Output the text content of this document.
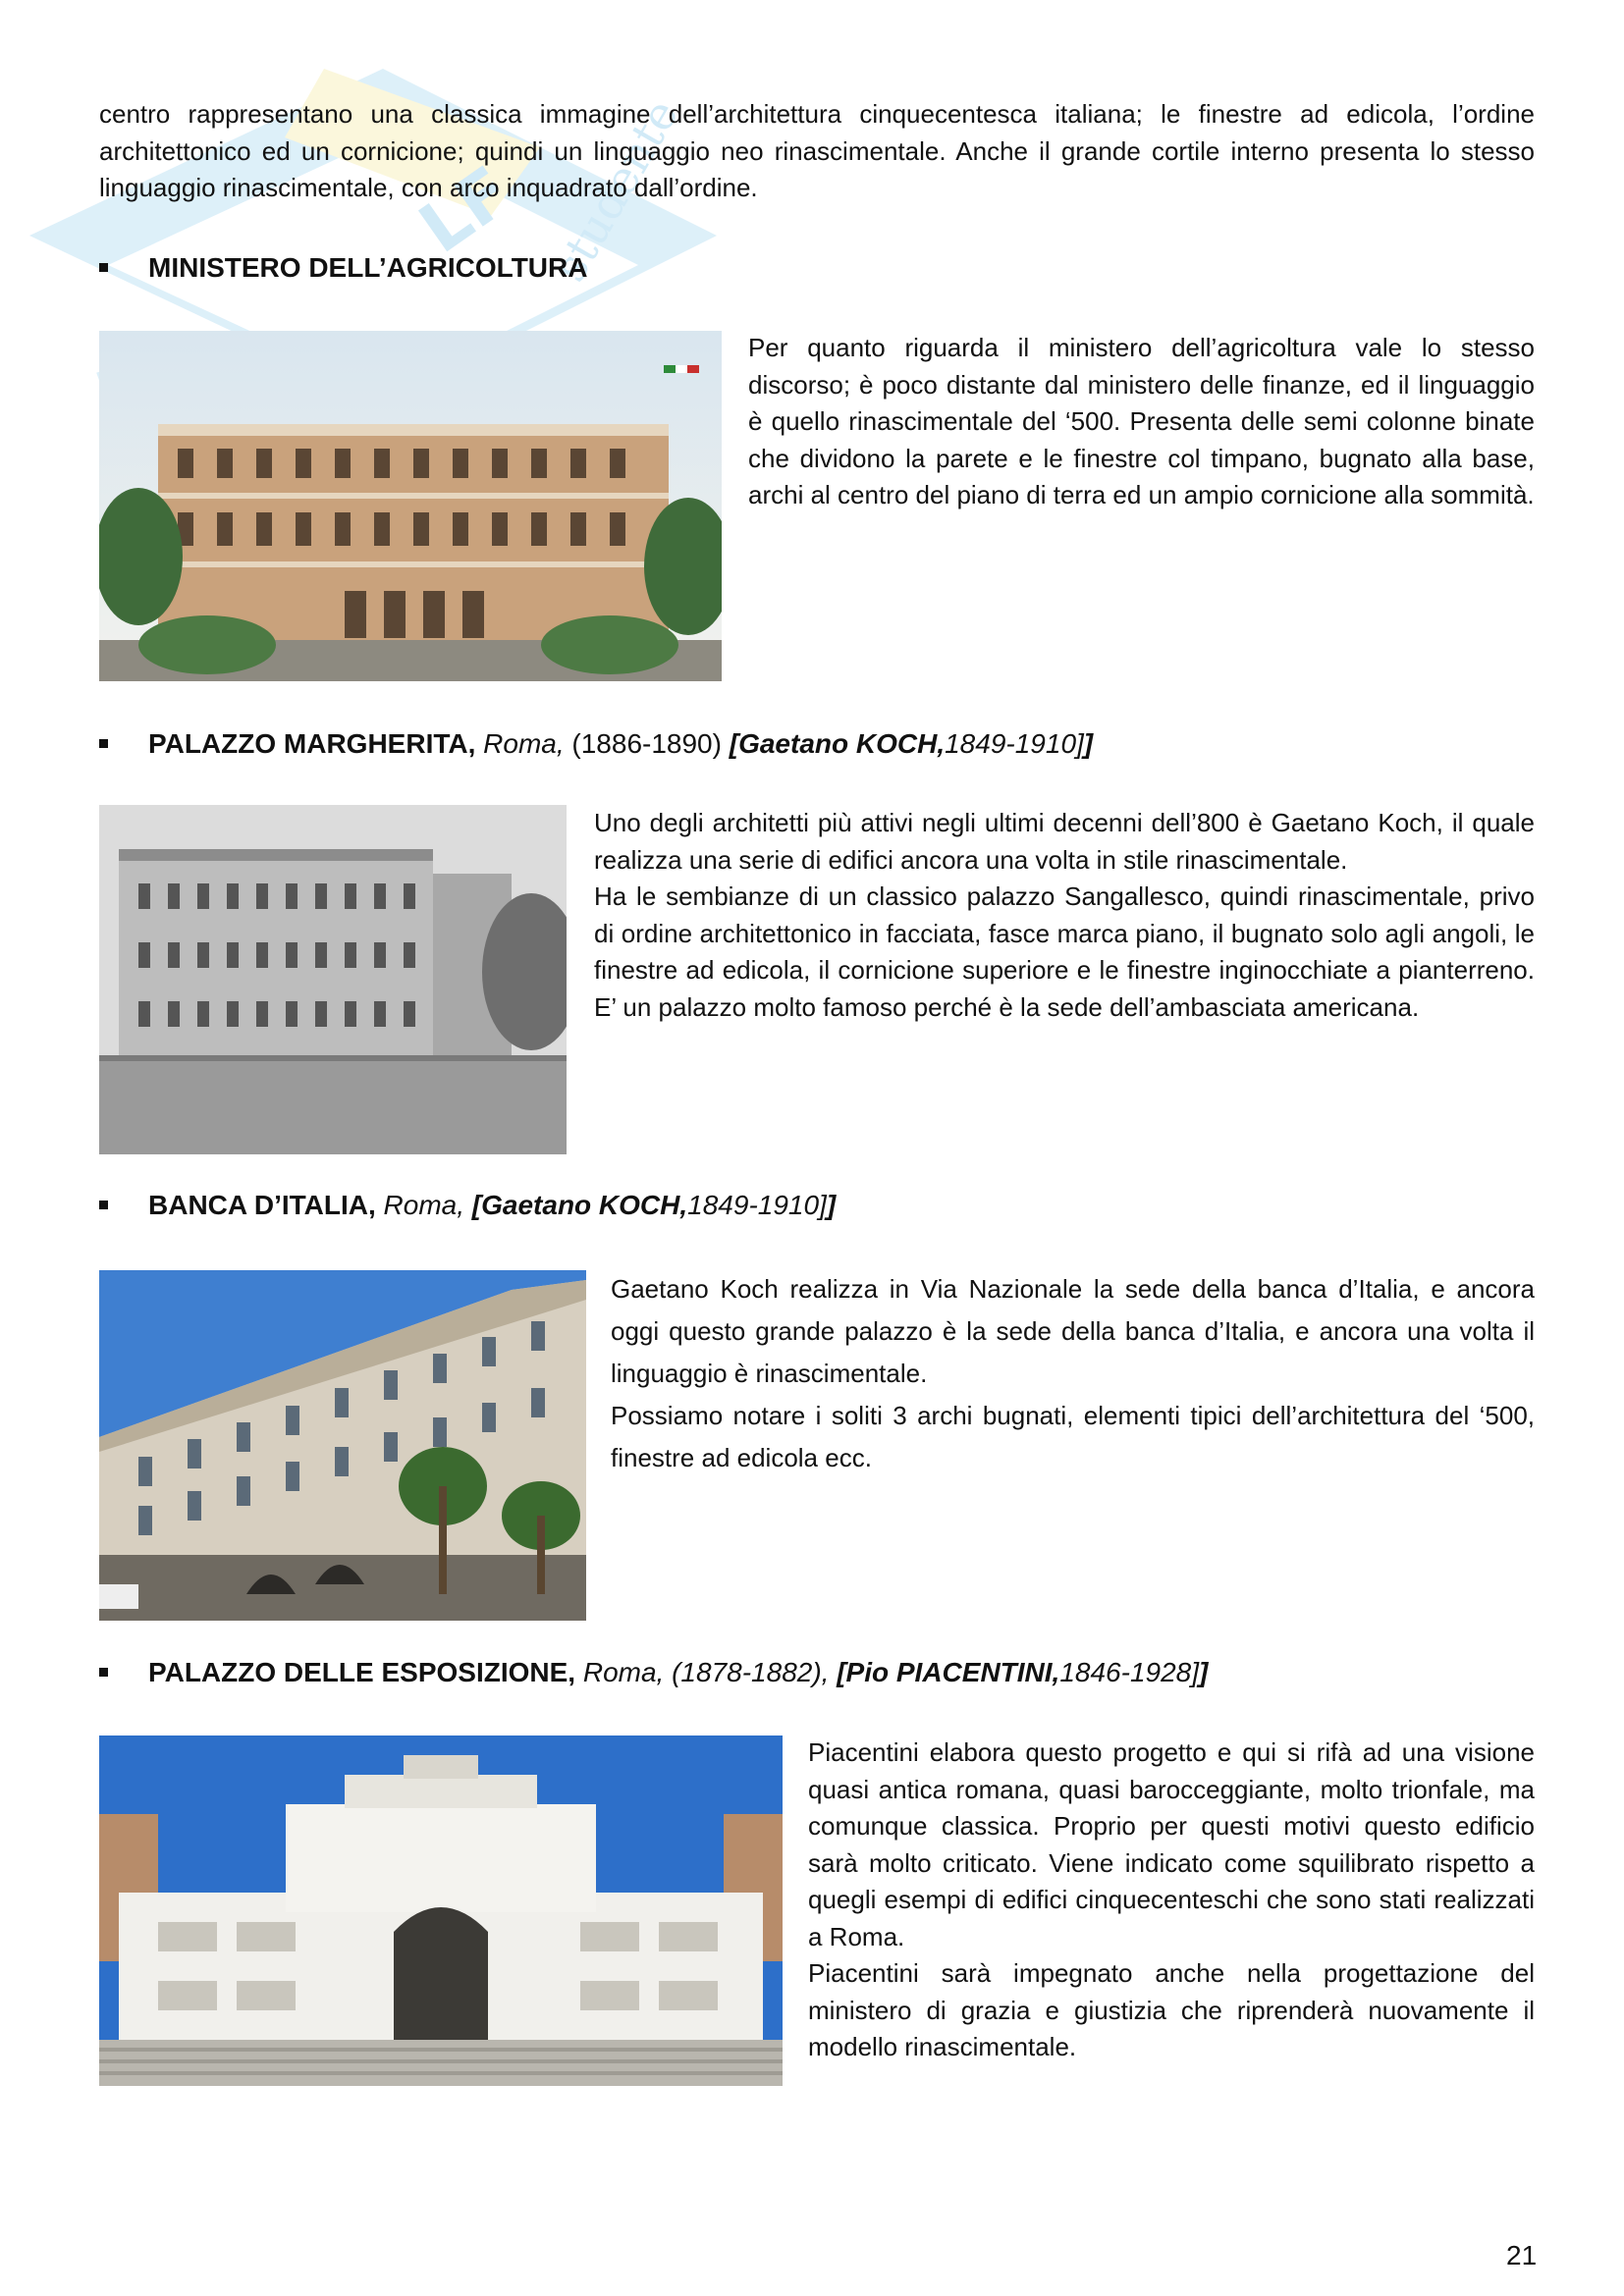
LF studente

centro rappresentano una classica immagine dell’architettura cinquecentesca italiana; le finestre ad edicola, l’ordine architettonico ed un cornicione; quindi un linguaggio neo rinascimentale. Anche il grande cortile interno presenta lo stesso linguaggio rinascimentale, con arco inquadrato dall’ordine.

MINISTERO DELL’AGRICOLTURA

Per quanto riguarda il ministero dell’agricoltura vale lo stesso discorso; è poco distante dal ministero delle finanze, ed il linguaggio è quello rinascimentale del ‘500. Presenta delle semi colonne binate che dividono la parete e le finestre col timpano, bugnato alla base, archi al centro del piano di terra ed un ampio cornicione alla sommità.

PALAZZO MARGHERITA, Roma, (1886-1890) [Gaetano KOCH,1849-1910]]
Uno degli architetti più attivi negli ultimi decenni dell’800 è Gaetano Koch, il quale realizza una serie di edifici ancora una volta in stile rinascimentale.
Ha le sembianze di un classico palazzo Sangallesco, quindi rinascimentale, privo di ordine architettonico in facciata, fasce marca piano, il bugnato solo agli angoli, le finestre ad edicola, il cornicione superiore e le finestre inginocchiate a pianterreno. E’ un palazzo molto famoso perché è la sede dell’ambasciata americana.
BANCA D’ITALIA, Roma, [Gaetano KOCH,1849-1910]]
Gaetano Koch realizza in Via Nazionale la sede della banca d’Italia, e ancora oggi questo grande palazzo è la sede della banca d’Italia, e ancora una volta il linguaggio è rinascimentale.
Possiamo notare i soliti 3 archi bugnati, elementi tipici dell’architettura del ‘500, finestre ad edicola ecc.
PALAZZO DELLE ESPOSIZIONE, Roma, (1878-1882), [Pio PIACENTINI,1846-1928]]
Piacentini elabora questo progetto e qui si rifà ad una visione quasi antica romana, quasi barocceggiante, molto trionfale, ma comunque classica. Proprio per questi motivi questo edificio sarà molto criticato. Viene indicato come squilibrato rispetto a quegli esempi di edifici cinquecenteschi che sono stati realizzati a Roma.
Piacentini sarà impegnato anche nella progettazione del ministero di grazia e giustizia che riprenderà nuovamente il modello rinascimentale.
21
